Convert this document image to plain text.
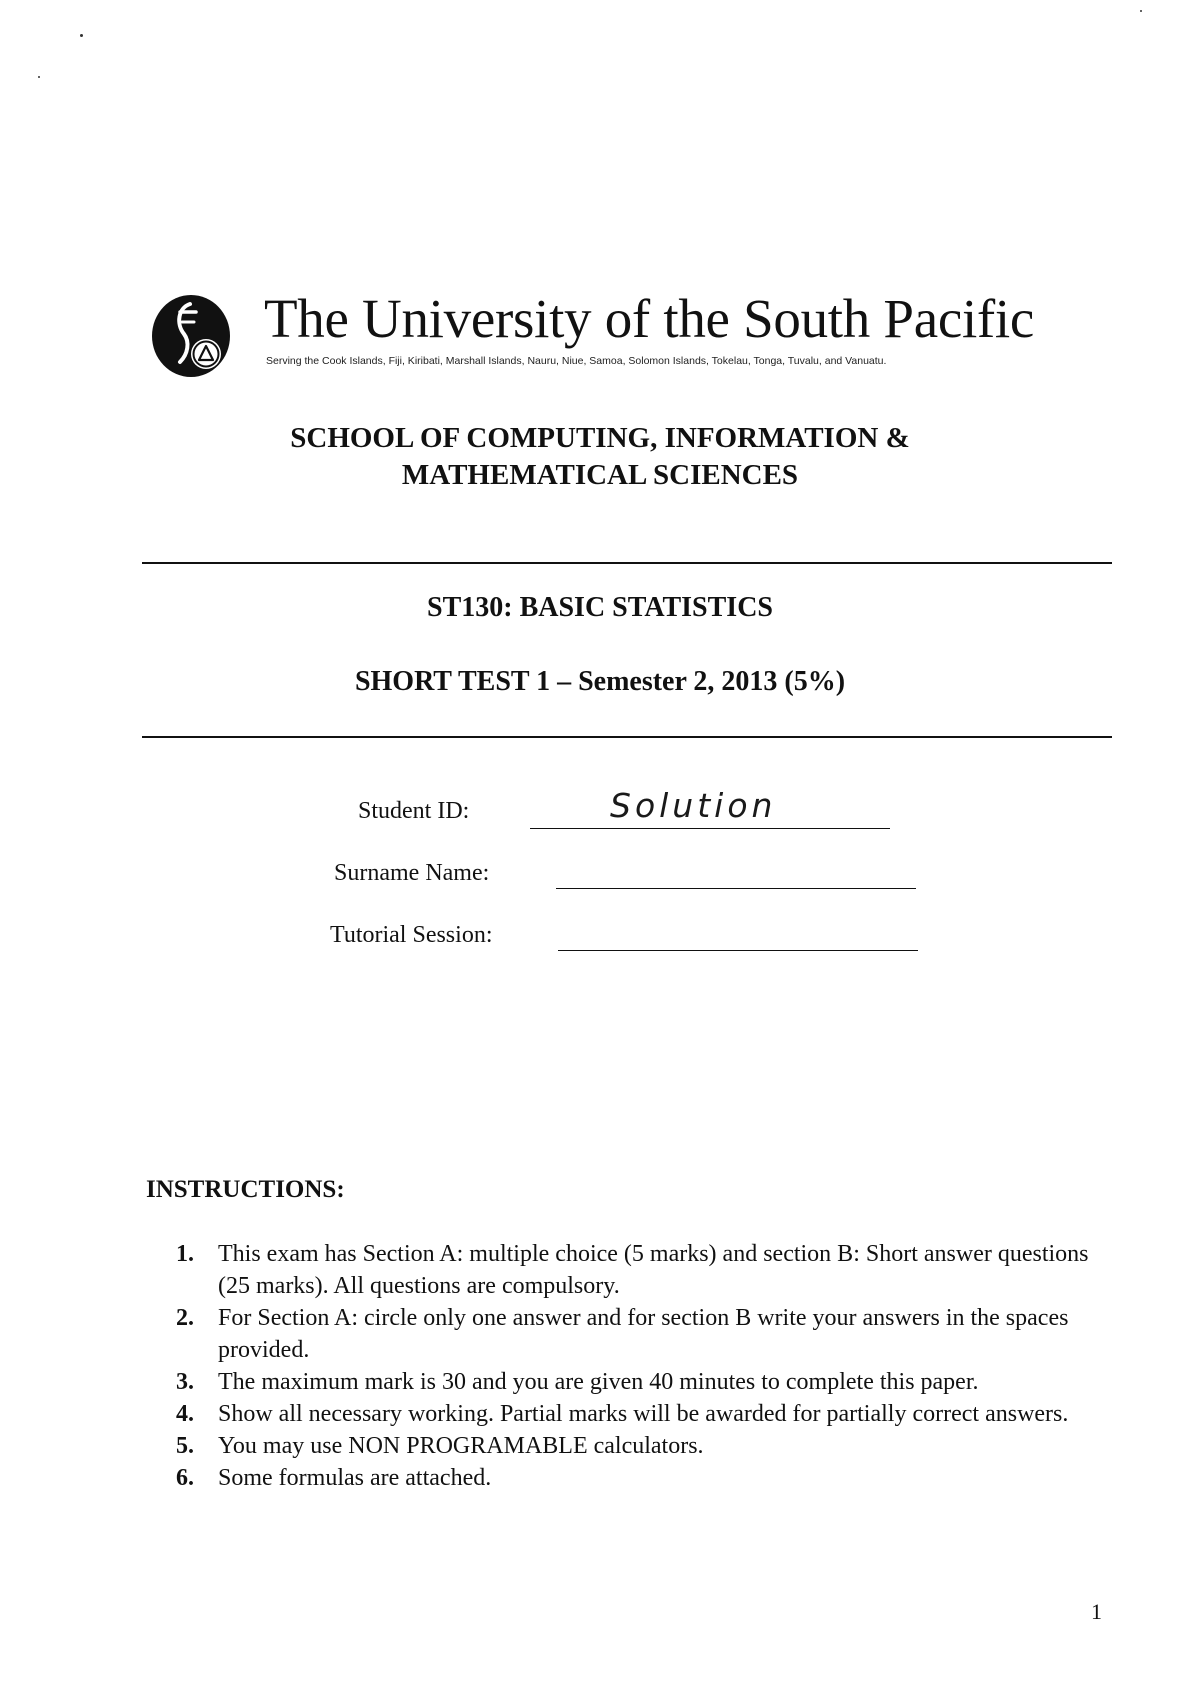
The University of the South Pacific
Serving the Cook Islands, Fiji, Kiribati, Marshall Islands, Nauru, Niue, Samoa, Solomon Islands, Tokelau, Tonga, Tuvalu, and Vanuatu.
SCHOOL OF COMPUTING, INFORMATION &
MATHEMATICAL SCIENCES
ST130: BASIC STATISTICS
SHORT TEST 1 – Semester 2, 2013 (5%)
Student ID:	Solution
Surname Name:
Tutorial Session:
INSTRUCTIONS:
1. This exam has Section A: multiple choice (5 marks) and section B: Short answer questions (25 marks). All questions are compulsory.
2. For Section A: circle only one answer and for section B write your answers in the spaces provided.
3. The maximum mark is 30 and you are given 40 minutes to complete this paper.
4. Show all necessary working. Partial marks will be awarded for partially correct answers.
5. You may use NON PROGRAMABLE calculators.
6. Some formulas are attached.
1
